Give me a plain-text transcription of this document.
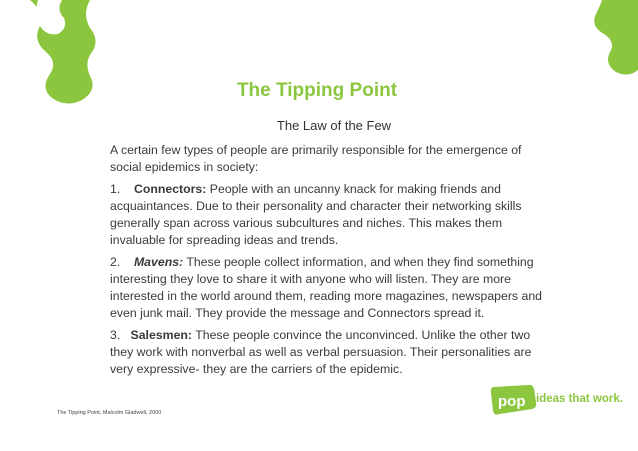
The Tipping Point
The Law of the Few

A certain few types of people are primarily responsible for the emergence of social epidemics in society:

1. Connectors: People with an uncanny knack for making friends and acquaintances. Due to their personality and character their networking skills generally span across various subcultures and niches. This makes them invaluable for spreading ideas and trends.

2. Mavens: These people collect information, and when they find something interesting they love to share it with anyone who will listen. They are more interested in the world around them, reading more magazines, newspapers and even junk mail. They provide the message and Connectors spread it.

3. Salesmen: These people convince the unconvinced. Unlike the other two they work with nonverbal as well as verbal persuasion. Their personalities are very expressive- they are the carriers of the epidemic.

The Tipping Point, Malcolm Gladwell, 2000
pop ideas that work.
